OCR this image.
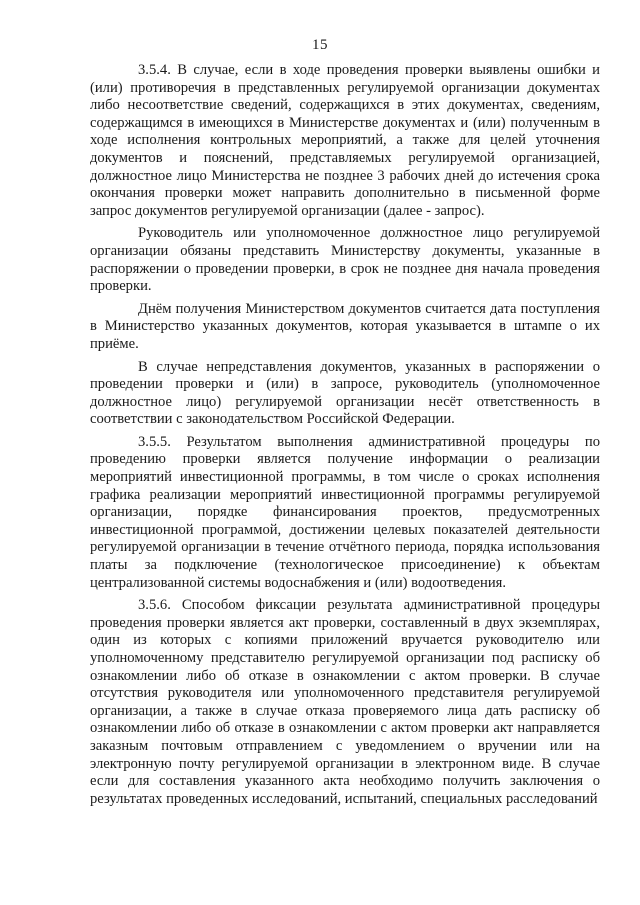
15

3.5.4. В случае, если в ходе проведения проверки выявлены ошибки и (или) противоречия в представленных регулируемой организации документах либо несоответствие сведений, содержащихся в этих документах, сведениям, содержащимся в имеющихся в Министерстве документах и (или) полученным в ходе исполнения контрольных мероприятий, а также для целей уточнения документов и пояснений, представляемых регулируемой организацией, должностное лицо Министерства не позднее 3 рабочих дней до истечения срока окончания проверки может направить дополнительно в письменной форме запрос документов регулируемой организации (далее - запрос).

Руководитель или уполномоченное должностное лицо регулируемой организации обязаны представить Министерству документы, указанные в распоряжении о проведении проверки, в срок не позднее дня начала проведения проверки.

Днём получения Министерством документов считается дата поступления в Министерство указанных документов, которая указывается в штампе о их приёме.

В случае непредставления документов, указанных в распоряжении о проведении проверки и (или) в запросе, руководитель (уполномоченное должностное лицо) регулируемой организации несёт ответственность в соответствии с законодательством Российской Федерации.

3.5.5. Результатом выполнения административной процедуры по проведению проверки является получение информации о реализации мероприятий инвестиционной программы, в том числе о сроках исполнения графика реализации мероприятий инвестиционной программы регулируемой организации, порядке финансирования проектов, предусмотренных инвестиционной программой, достижении целевых показателей деятельности регулируемой организации в течение отчётного периода, порядка использования платы за подключение (технологическое присоединение) к объектам централизованной системы водоснабжения и (или) водоотведения.

3.5.6. Способом фиксации результата административной процедуры проведения проверки является акт проверки, составленный в двух экземплярах, один из которых с копиями приложений вручается руководителю или уполномоченному представителю регулируемой организации под расписку об ознакомлении либо об отказе в ознакомлении с актом проверки. В случае отсутствия руководителя или уполномоченного представителя регулируемой организации, а также в случае отказа проверяемого лица дать расписку об ознакомлении либо об отказе в ознакомлении с актом проверки акт направляется заказным почтовым отправлением с уведомлением о вручении или на электронную почту регулируемой организации в электронном виде. В случае если для составления указанного акта необходимо получить заключения о результатах проведенных исследований, испытаний, специальных расследований
